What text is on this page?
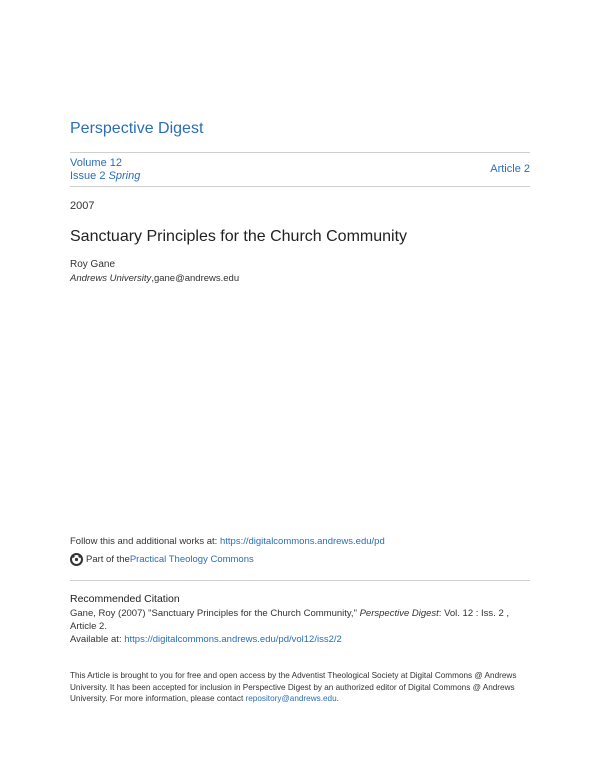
Perspective Digest
Volume 12
Issue 2 Spring
Article 2
2007
Sanctuary Principles for the Church Community
Roy Gane
Andrews University,gane@andrews.edu
Follow this and additional works at: https://digitalcommons.andrews.edu/pd
Part of the Practical Theology Commons
Recommended Citation
Gane, Roy (2007) "Sanctuary Principles for the Church Community," Perspective Digest: Vol. 12 : Iss. 2 ,
Article 2.
Available at: https://digitalcommons.andrews.edu/pd/vol12/iss2/2
This Article is brought to you for free and open access by the Adventist Theological Society at Digital Commons @ Andrews University. It has been accepted for inclusion in Perspective Digest by an authorized editor of Digital Commons @ Andrews University. For more information, please contact repository@andrews.edu.
